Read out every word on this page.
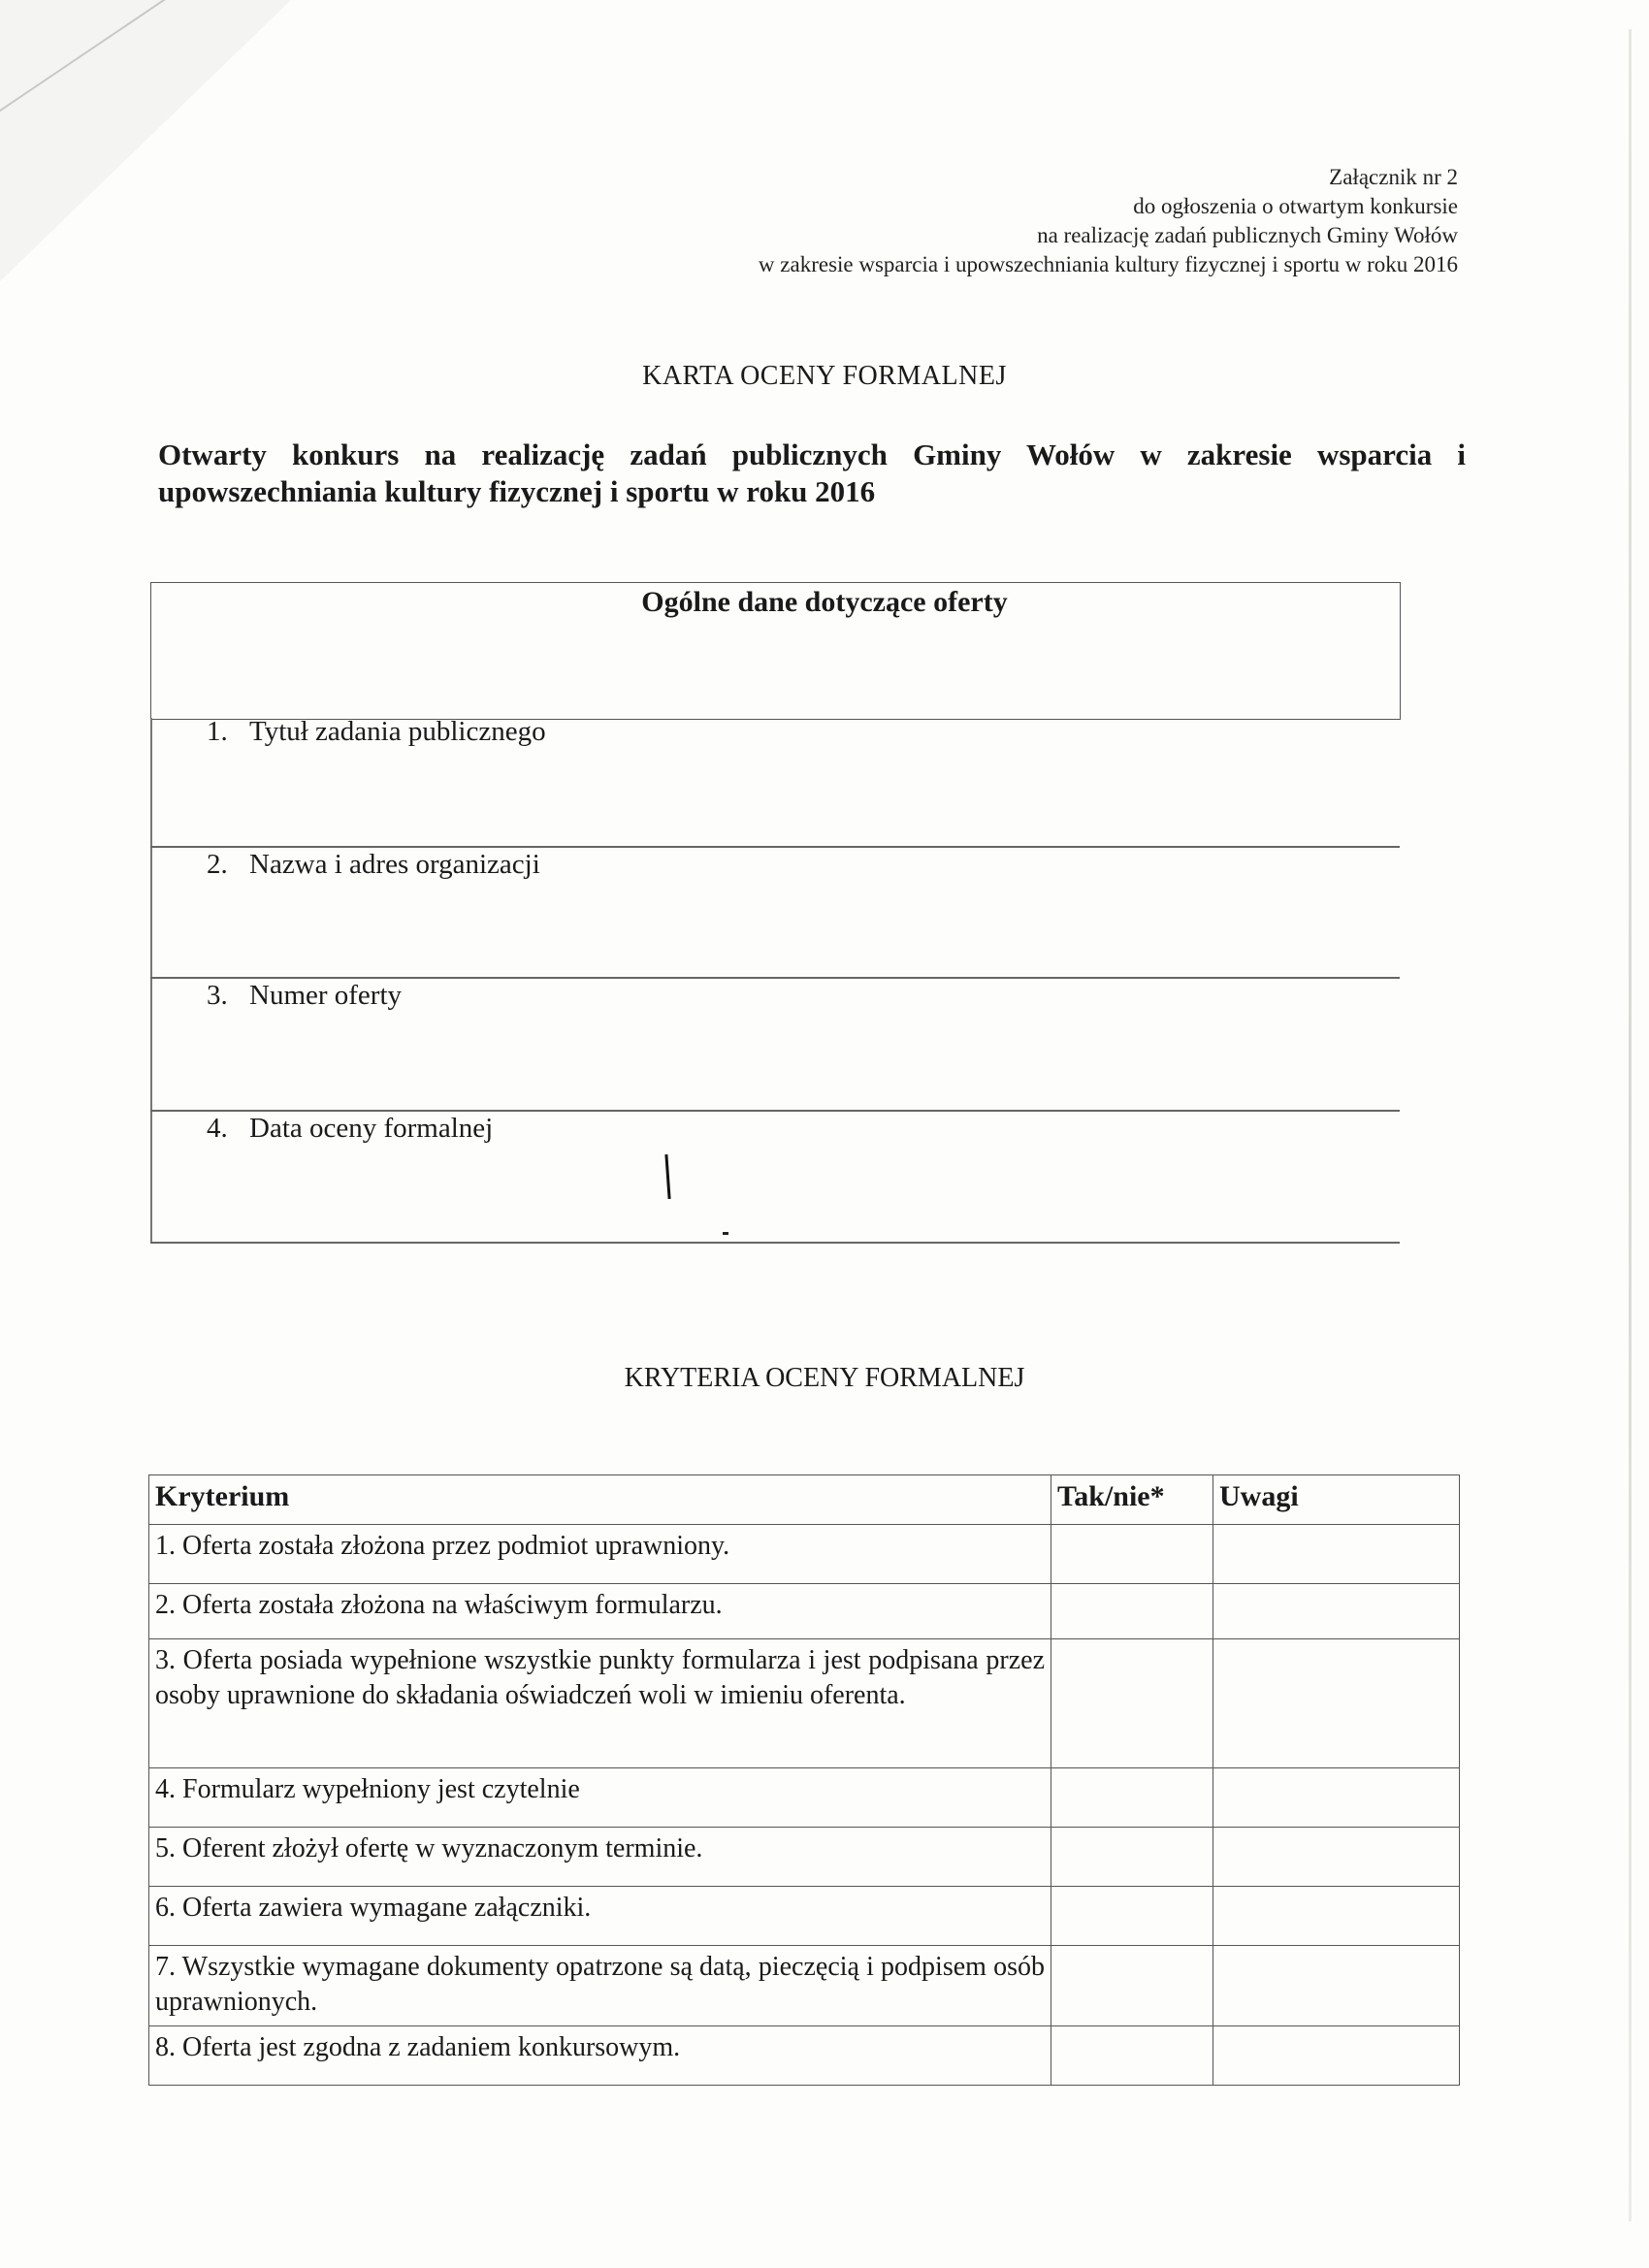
Załącznik nr 2
do ogłoszenia o otwartym konkursie
na realizację zadań publicznych Gminy Wołów
w zakresie wsparcia i upowszechniania kultury fizycznej i sportu w roku 2016
KARTA OCENY FORMALNEJ
Otwarty konkurs na realizację zadań publicznych Gminy Wołów w zakresie wsparcia i upowszechniania kultury fizycznej i sportu w roku 2016
Ogólne dane dotyczące oferty
1. Tytuł zadania publicznego
2. Nazwa i adres organizacji
3. Numer oferty
4. Data oceny formalnej
KRYTERIA OCENY FORMALNEJ
Kryterium	Tak/nie*	Uwagi
1. Oferta została złożona przez podmiot uprawniony.		
2. Oferta została złożona na właściwym formularzu.		
3. Oferta posiada wypełnione wszystkie punkty formularza i jest podpisana przez osoby uprawnione do składania oświadczeń woli w imieniu oferenta.		
4. Formularz wypełniony jest czytelnie		
5. Oferent złożył ofertę w wyznaczonym terminie.		
6. Oferta zawiera wymagane załączniki.		
7. Wszystkie wymagane dokumenty opatrzone są datą, pieczęcią i podpisem osób uprawnionych.		
8. Oferta jest zgodna z zadaniem konkursowym.		
